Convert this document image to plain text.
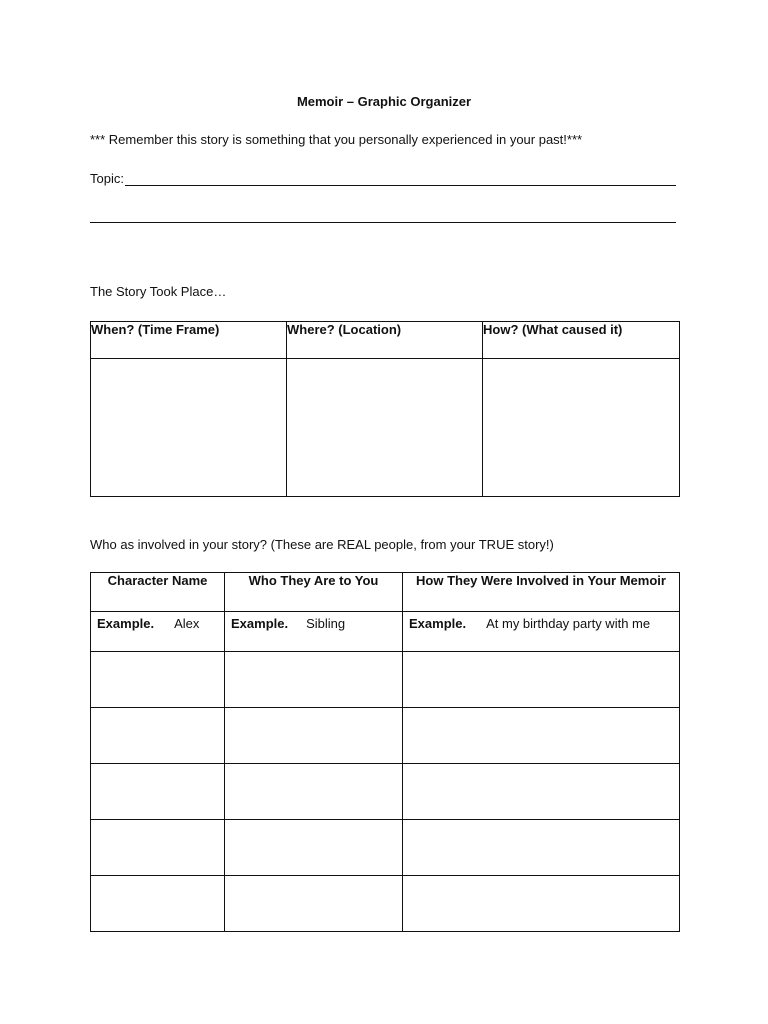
Memoir – Graphic Organizer
*** Remember this story is something that you personally experienced in your past!***
Topic:
The Story Took Place…
When? (Time Frame)	Where? (Location)	How? (What caused it)

Who as involved in your story? (These are REAL people, from your TRUE story!)
Character Name	Who They Are to You	How They Were Involved in Your Memoir
Example. Alex	Example. Sibling	Example. At my birthday party with me
